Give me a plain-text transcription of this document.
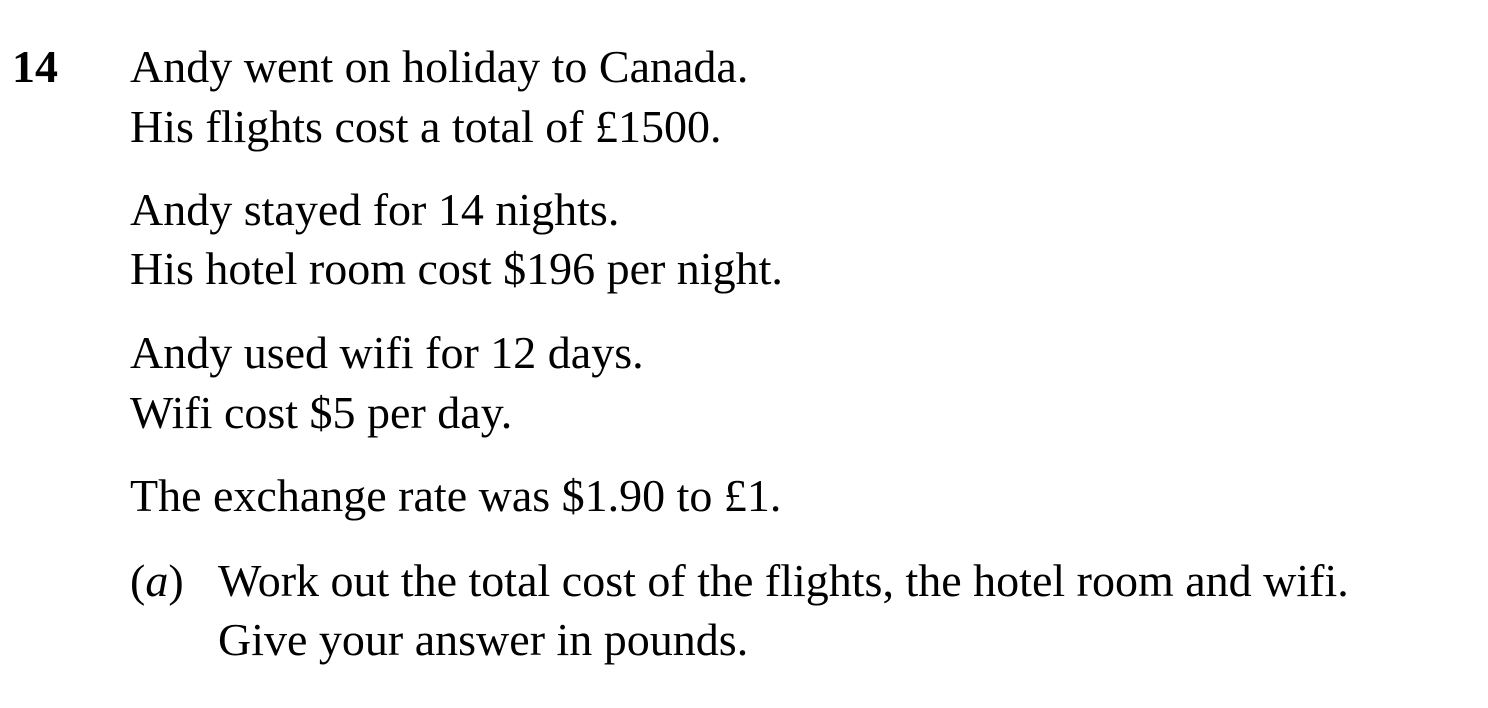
14 Andy went on holiday to Canada.
His flights cost a total of £1500.
Andy stayed for 14 nights.
His hotel room cost $196 per night.
Andy used wifi for 12 days.
Wifi cost $5 per day.
The exchange rate was $1.90 to £1.
(a) Work out the total cost of the flights, the hotel room and wifi.
Give your answer in pounds.
